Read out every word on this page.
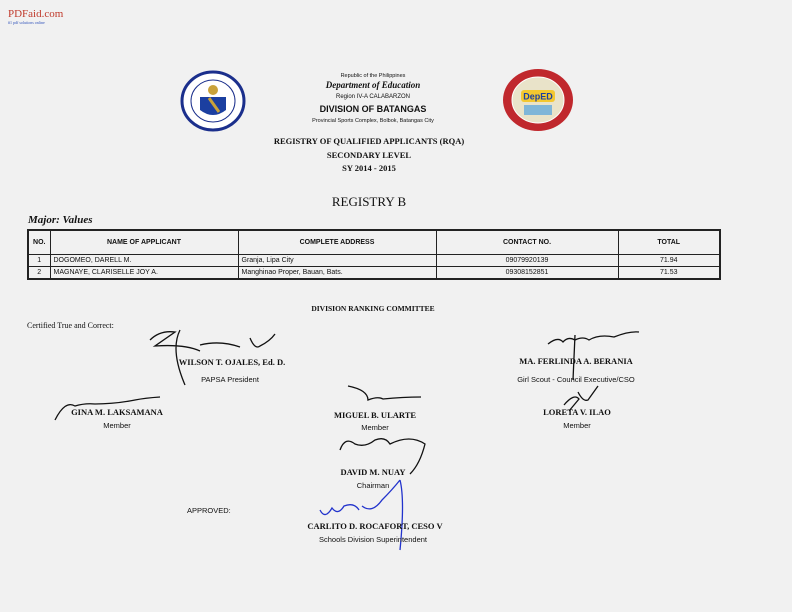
PDFaid.com
#1 pdf solutions online
DepED
Republic of the Philippines
Department of Education
Region IV-A CALABARZON
DIVISION OF BATANGAS
Provincial Sports Complex, Bolbok, Batangas City
REGISTRY OF QUALIFIED APPLICANTS (RQA)
SECONDARY LEVEL
SY 2014 - 2015
REGISTRY B
Major: Values
NO.	NAME OF APPLICANT	COMPLETE ADDRESS	CONTACT NO.	TOTAL
1	DOGOMEO, DARELL M.	Granja, Lipa City	09079920139	71.94
2	MAGNAYE, CLARISELLE JOY A.	Manghinao Proper, Bauan, Bats.	09308152851	71.53
DIVISION RANKING COMMITTEE
Certified True and Correct:
APPROVED:
WILSON T. OJALES, Ed. D.
PAPSA President
MA. FERLINDA A. BERANIA
Girl Scout - Council Executive/CSO
GINA M. LAKSAMANA
Member
MIGUEL B. ULARTE
Member
LORETA V. ILAO
Member
DAVID M. NUAY
Chairman
CARLITO D. ROCAFORT, CESO V
Schools Division Superintendent
